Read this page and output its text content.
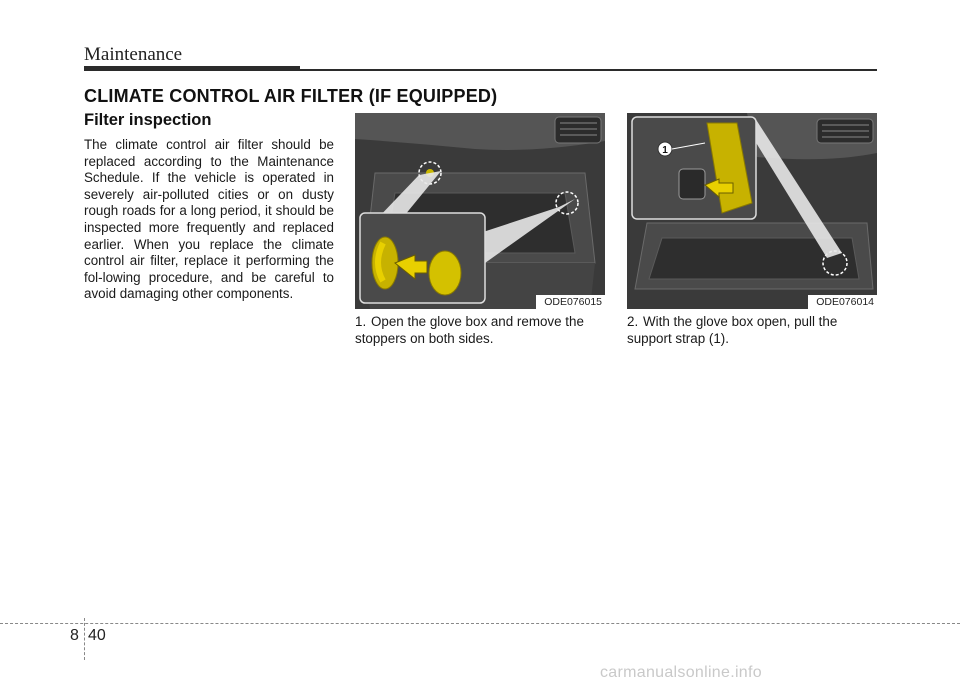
Maintenance
CLIMATE CONTROL AIR FILTER (IF EQUIPPED)
Filter inspection
The climate control air filter should be replaced according to the Maintenance Schedule. If the vehicle is operated in severely air-polluted cities or on dusty rough roads for a long period, it should be inspected more frequently and replaced earlier. When you replace the climate control air filter, replace it performing the fol-lowing procedure, and be careful to avoid damaging other components.
ODE076015
1
ODE076014
1. Open the glove box and remove the stoppers on both sides.
2. With the glove box open, pull the support strap (1).
8 40
carmanualsonline.info
